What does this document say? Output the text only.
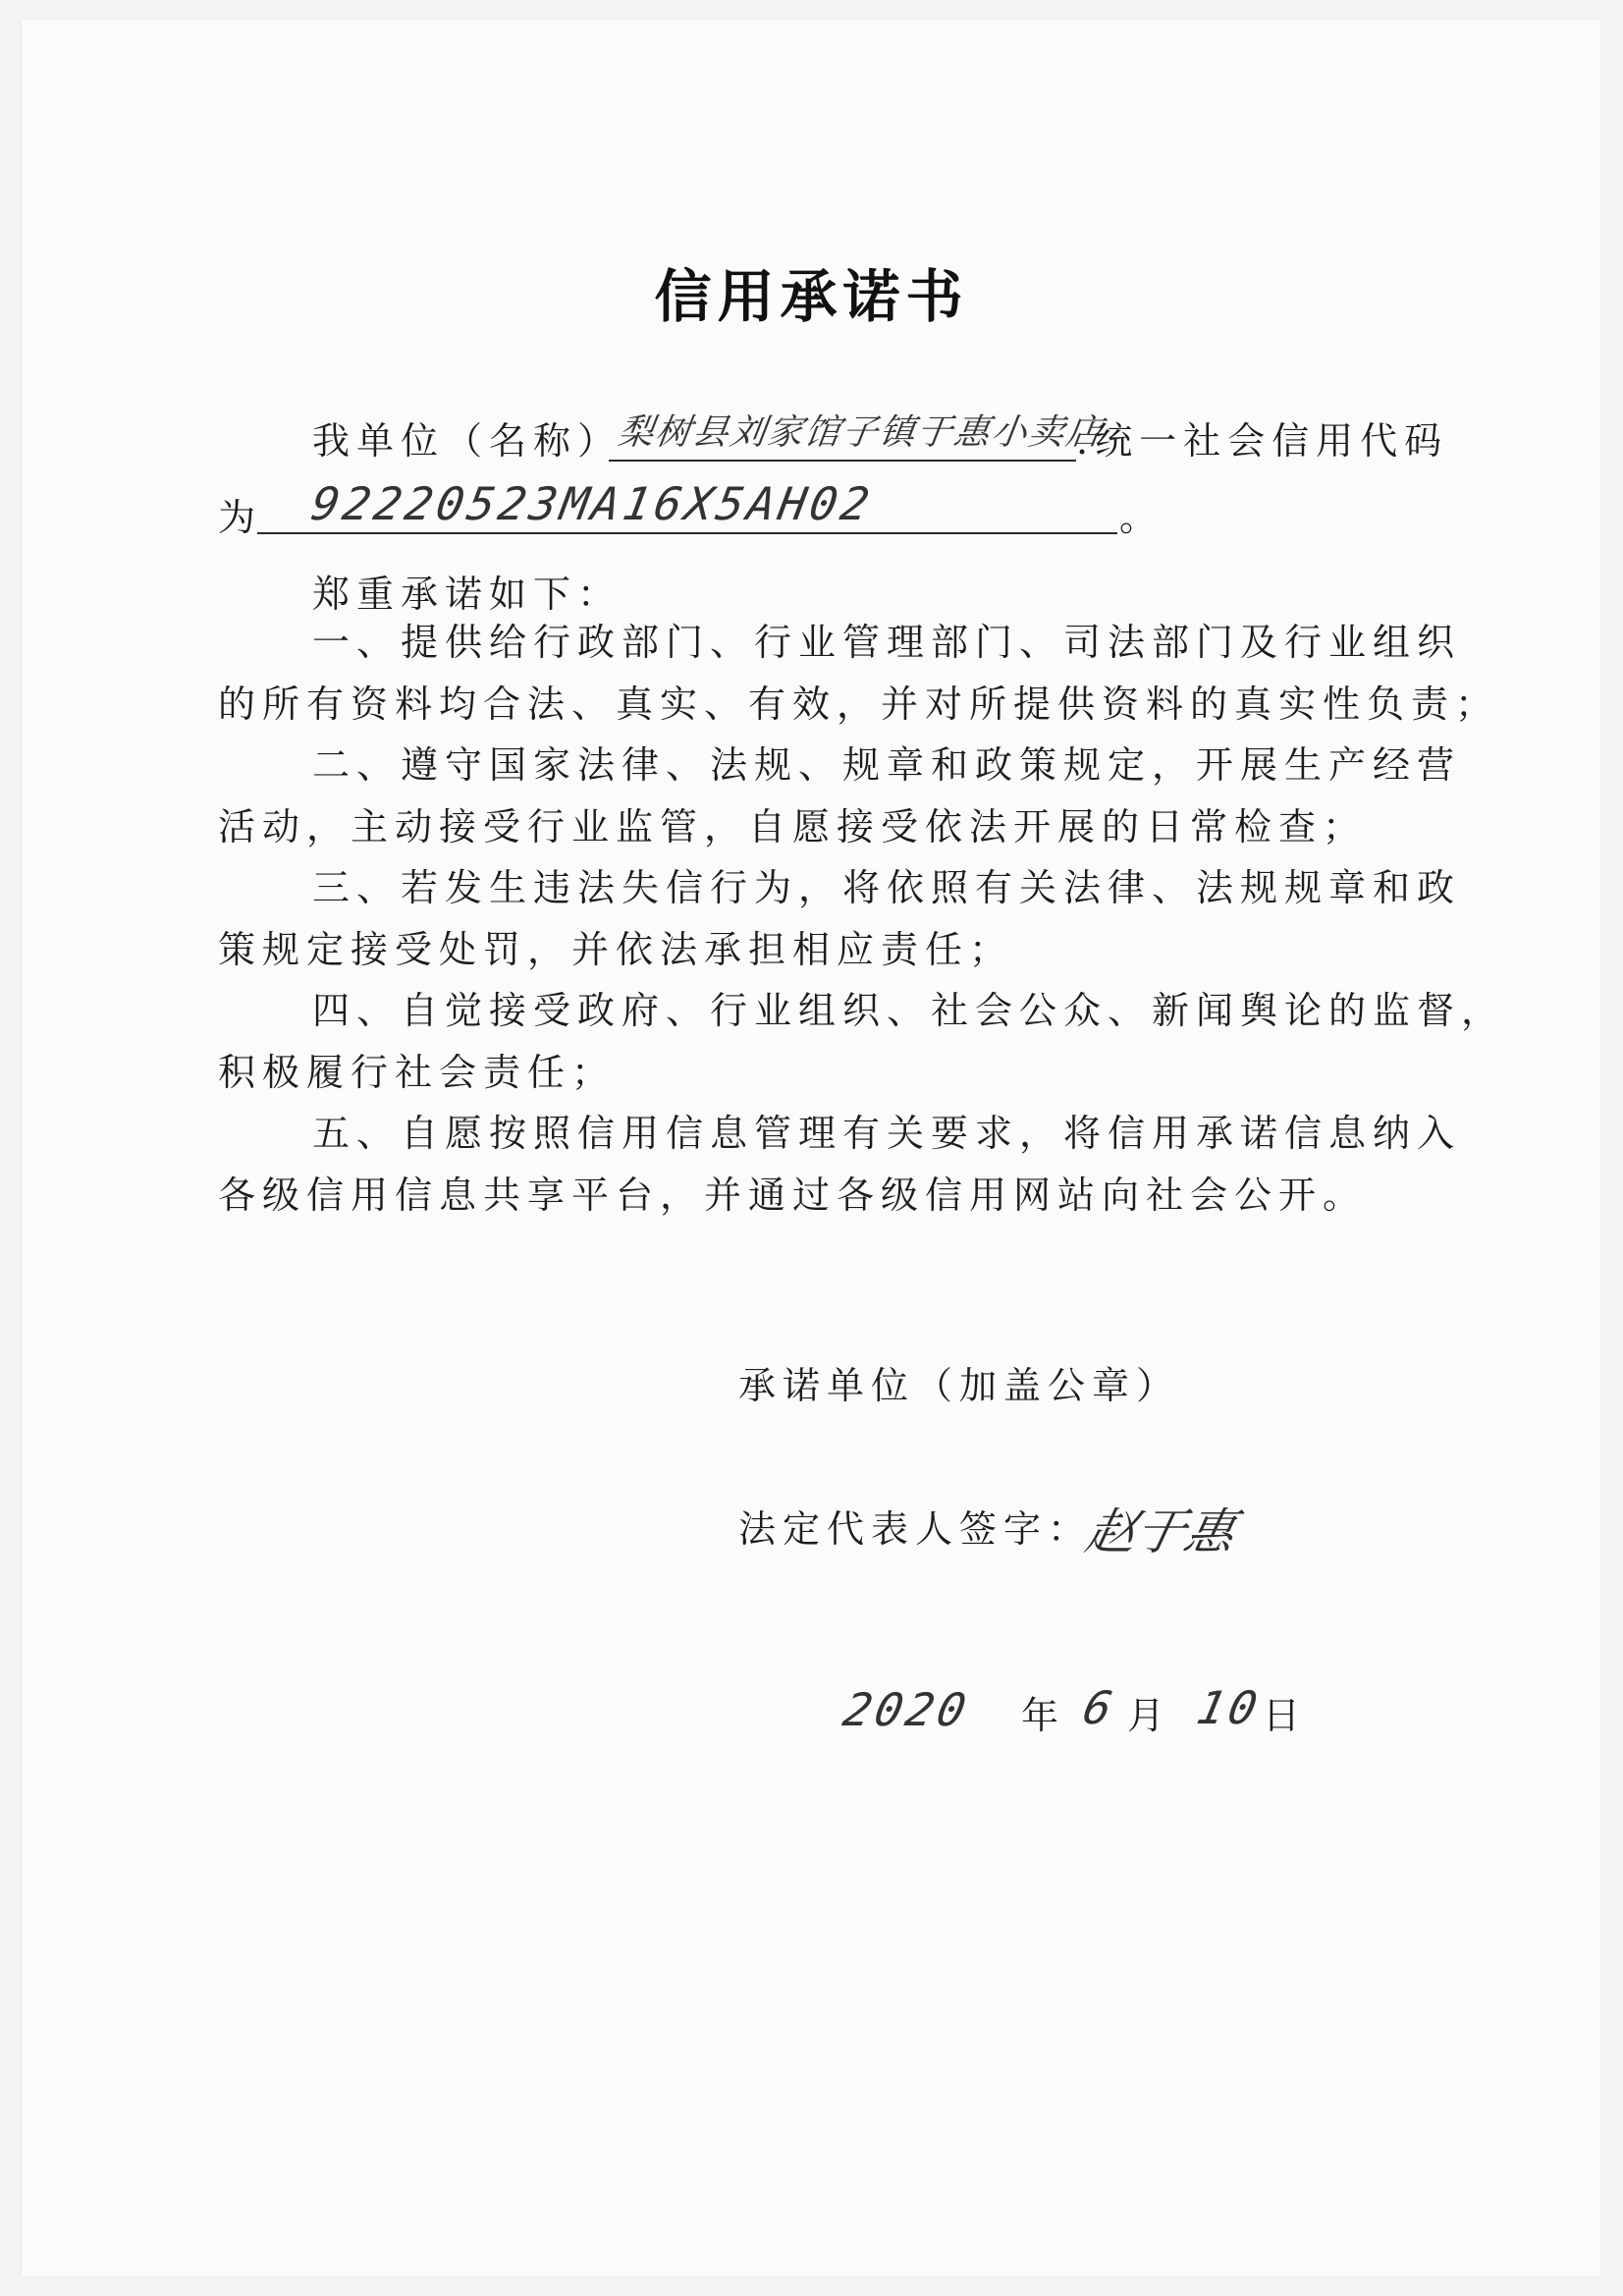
信用承诺书
我单位（名称）
梨树县刘家馆子镇于惠小卖店
.统一社会信用代码
为 92220523MA16X5AH02	。
郑重承诺如下：
一、提供给行政部门、行业管理部门、司法部门及行业组织
的所有资料均合法、真实、有效，并对所提供资料的真实性负责；
二、遵守国家法律、法规、规章和政策规定，开展生产经营
活动，主动接受行业监管，自愿接受依法开展的日常检查；
三、若发生违法失信行为，将依照有关法律、法规规章和政
策规定接受处罚，并依法承担相应责任；
四、自觉接受政府、行业组织、社会公众、新闻舆论的监督，
积极履行社会责任；
五、自愿按照信用信息管理有关要求，将信用承诺信息纳入
各级信用信息共享平台，并通过各级信用网站向社会公开。
承诺单位（加盖公章）
法定代表人签字：
赵于惠
2020 年 6 月 10
日
